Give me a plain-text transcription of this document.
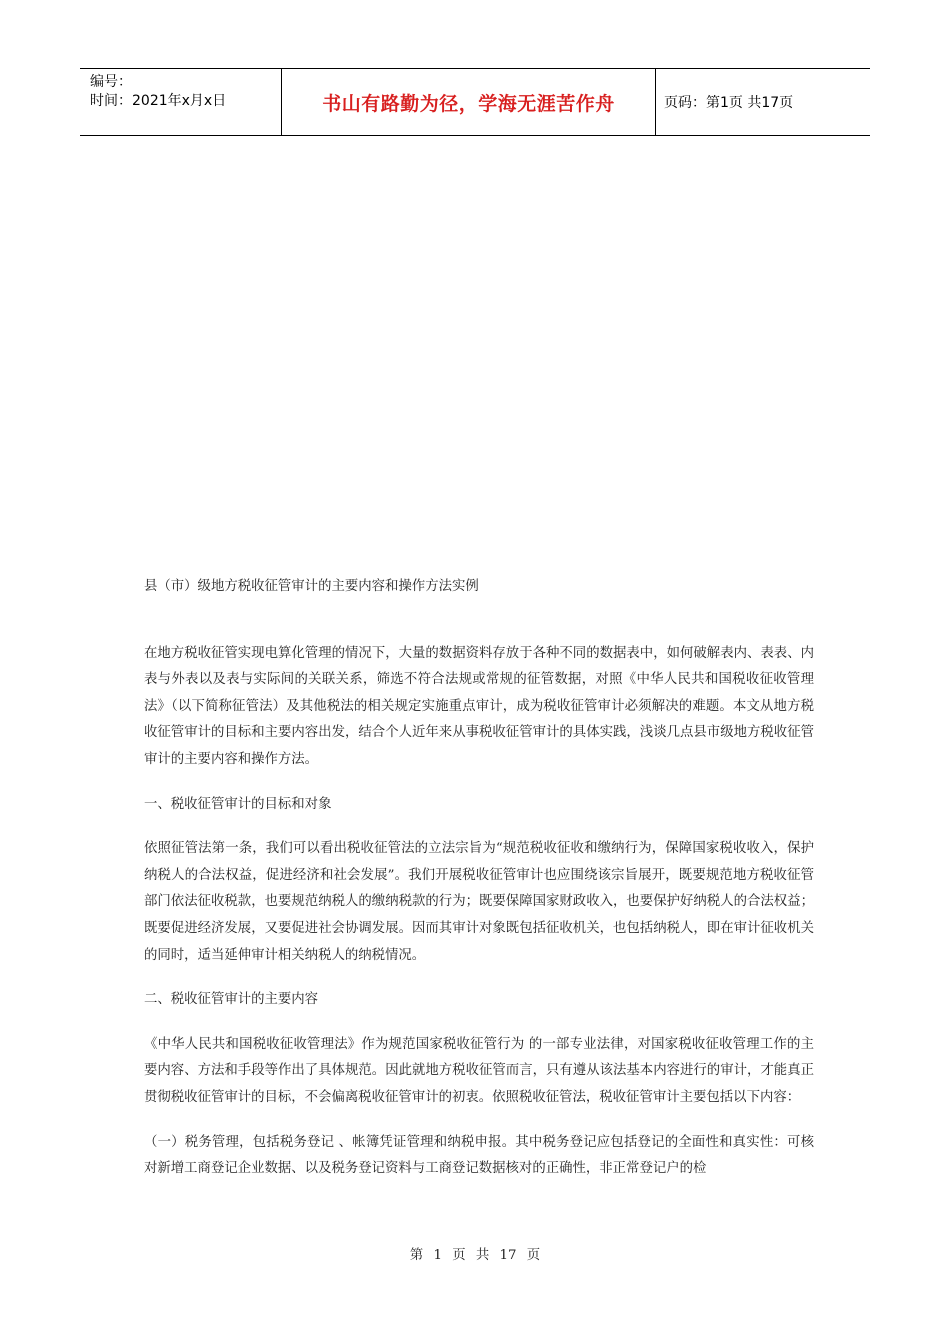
编号：
时间：2021年x月x日	书山有路勤为径，学海无涯苦作舟	页码：第1页 共17页

县（市）级地方税收征管审计的主要内容和操作方法实例

在地方税收征管实现电算化管理的情况下，大量的数据资料存放于各种不同的数据表中，如何破解表内、表表、内表与外表以及表与实际间的关联关系，筛选不符合法规或常规的征管数据，对照《中华人民共和国税收征收管理法》（以下简称征管法）及其他税法的相关规定实施重点审计，成为税收征管审计必须解决的难题。本文从地方税收征管审计的目标和主要内容出发，结合个人近年来从事税收征管审计的具体实践，浅谈几点县市级地方税收征管审计的主要内容和操作方法。

一、税收征管审计的目标和对象

依照征管法第一条，我们可以看出税收征管法的立法宗旨为“规范税收征收和缴纳行为，保障国家税收收入，保护纳税人的合法权益，促进经济和社会发展”。我们开展税收征管审计也应围绕该宗旨展开，既要规范地方税收征管部门依法征收税款，也要规范纳税人的缴纳税款的行为；既要保障国家财政收入，也要保护好纳税人的合法权益；既要促进经济发展，又要促进社会协调发展。因而其审计对象既包括征收机关，也包括纳税人，即在审计征收机关的同时，适当延伸审计相关纳税人的纳税情况。

二、税收征管审计的主要内容

《中华人民共和国税收征收管理法》作为规范国家税收征管行为 的一部专业法律，对国家税收征收管理工作的主要内容、方法和手段等作出了具体规范。因此就地方税收征管而言，只有遵从该法基本内容进行的审计，才能真正贯彻税收征管审计的目标，不会偏离税收征管审计的初衷。依照税收征管法，税收征管审计主要包括以下内容：

（一）税务管理，包括税务登记 、帐簿凭证管理和纳税申报。其中税务登记应包括登记的全面性和真实性：可核对新增工商登记企业数据、以及税务登记资料与工商登记数据核对的正确性，非正常登记户的检

第 1 页 共 17 页
